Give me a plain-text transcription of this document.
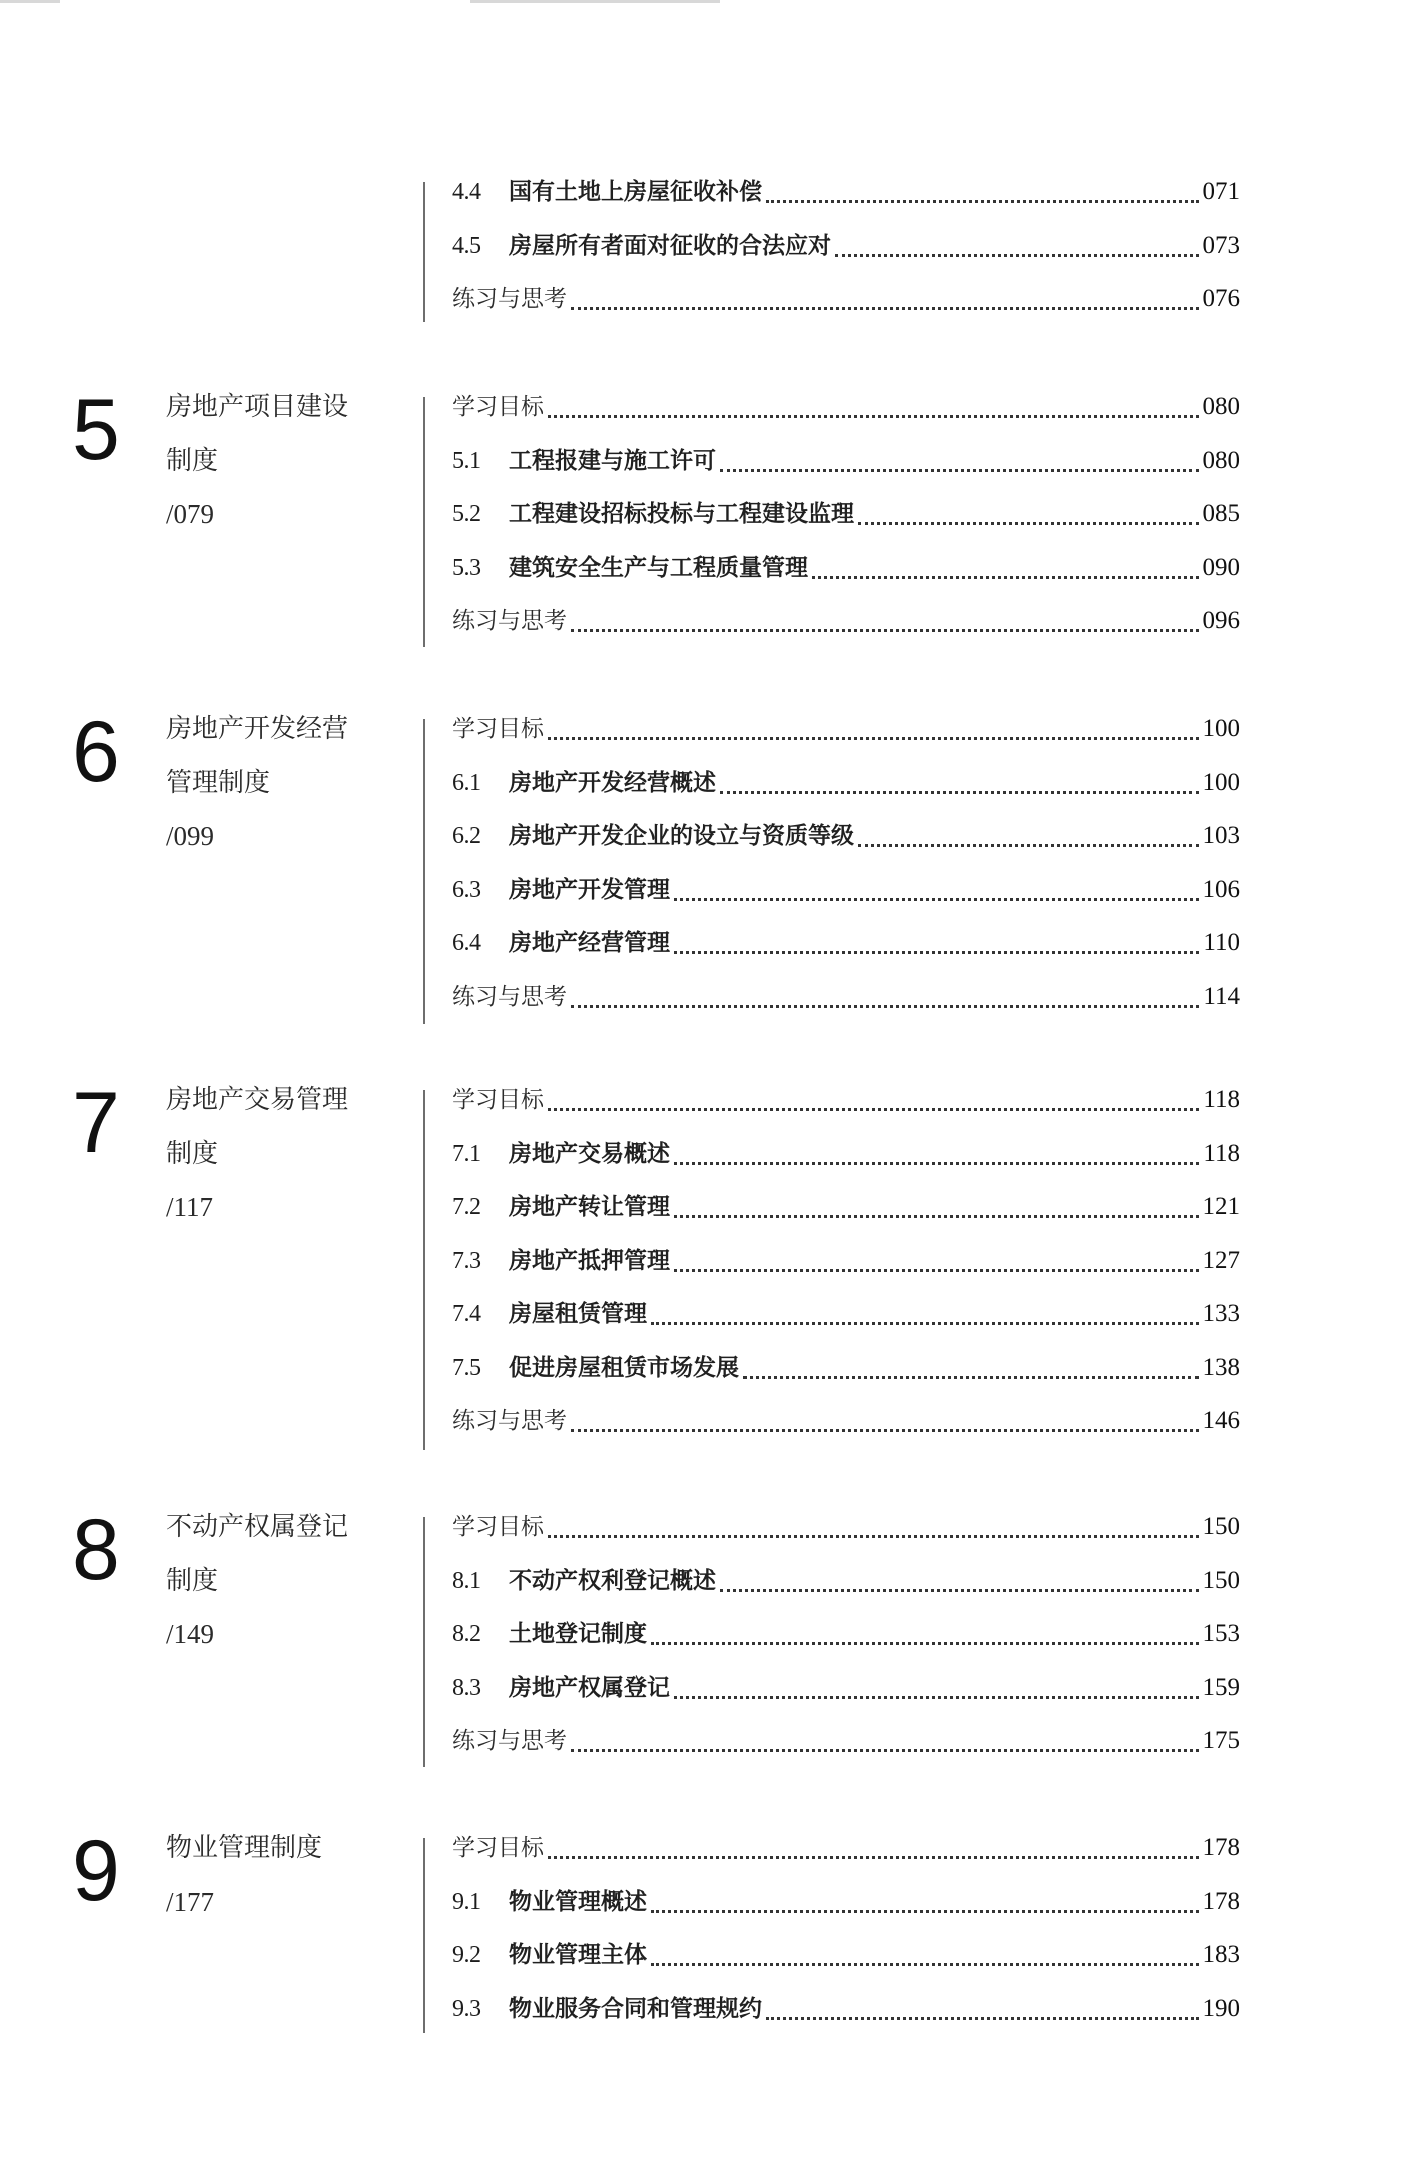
4.4	国有土地上房屋征收补偿	071
4.5	房屋所有者面对征收的合法应对	073
练习与思考	076
5 房地产项目建设
制度
/079
学习目标	080
5.1	工程报建与施工许可	080
5.2	工程建设招标投标与工程建设监理	085
5.3	建筑安全生产与工程质量管理	090
练习与思考	096
6 房地产开发经营
管理制度
/099
学习目标	100
6.1	房地产开发经营概述	100
6.2	房地产开发企业的设立与资质等级	103
6.3	房地产开发管理	106
6.4	房地产经营管理	110
练习与思考	114
7 房地产交易管理
制度
/117
学习目标	118
7.1	房地产交易概述	118
7.2	房地产转让管理	121
7.3	房地产抵押管理	127
7.4	房屋租赁管理	133
7.5	促进房屋租赁市场发展	138
练习与思考	146
8 不动产权属登记
制度
/149
学习目标	150
8.1	不动产权利登记概述	150
8.2	土地登记制度	153
8.3	房地产权属登记	159
练习与思考	175
9 物业管理制度
/177
学习目标	178
9.1	物业管理概述	178
9.2	物业管理主体	183
9.3	物业服务合同和管理规约	190
